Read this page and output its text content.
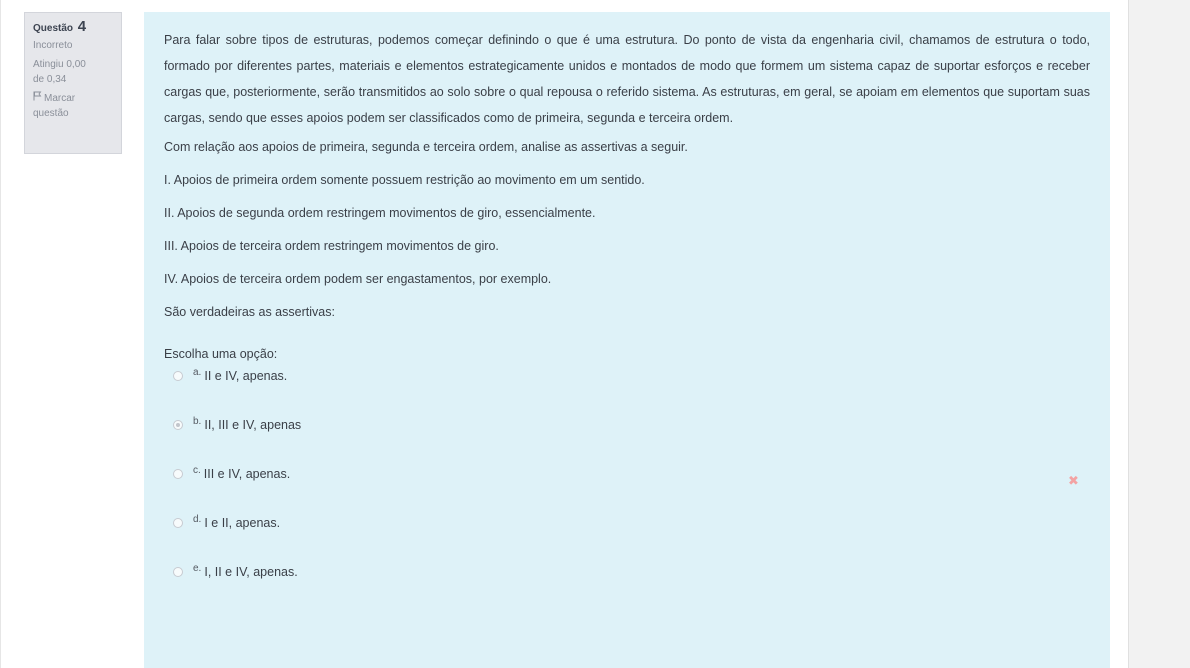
Questão 4
Incorreto
Atingiu 0,00
de 0,34
Marcar
questão

Para falar sobre tipos de estruturas, podemos começar definindo o que é uma estrutura. Do ponto de vista da engenharia civil, chamamos de estrutura o todo, formado por diferentes partes, materiais e elementos estrategicamente unidos e montados de modo que formem um sistema capaz de suportar esforços e receber cargas que, posteriormente, serão transmitidos ao solo sobre o qual repousa o referido sistema. As estruturas, em geral, se apoiam em elementos que suportam suas cargas, sendo que esses apoios podem ser classificados como de primeira, segunda e terceira ordem.

Com relação aos apoios de primeira, segunda e terceira ordem, analise as assertivas a seguir.

I. Apoios de primeira ordem somente possuem restrição ao movimento em um sentido.

II. Apoios de segunda ordem restringem movimentos de giro, essencialmente.

III. Apoios de terceira ordem restringem movimentos de giro.

IV. Apoios de terceira ordem podem ser engastamentos, por exemplo.

São verdadeiras as assertivas:

Escolha uma opção:

a. II e IV, apenas.
b. II, III e IV, apenas
c. III e IV, apenas.
d. I e II, apenas.
e. I, II e IV, apenas.
✖
